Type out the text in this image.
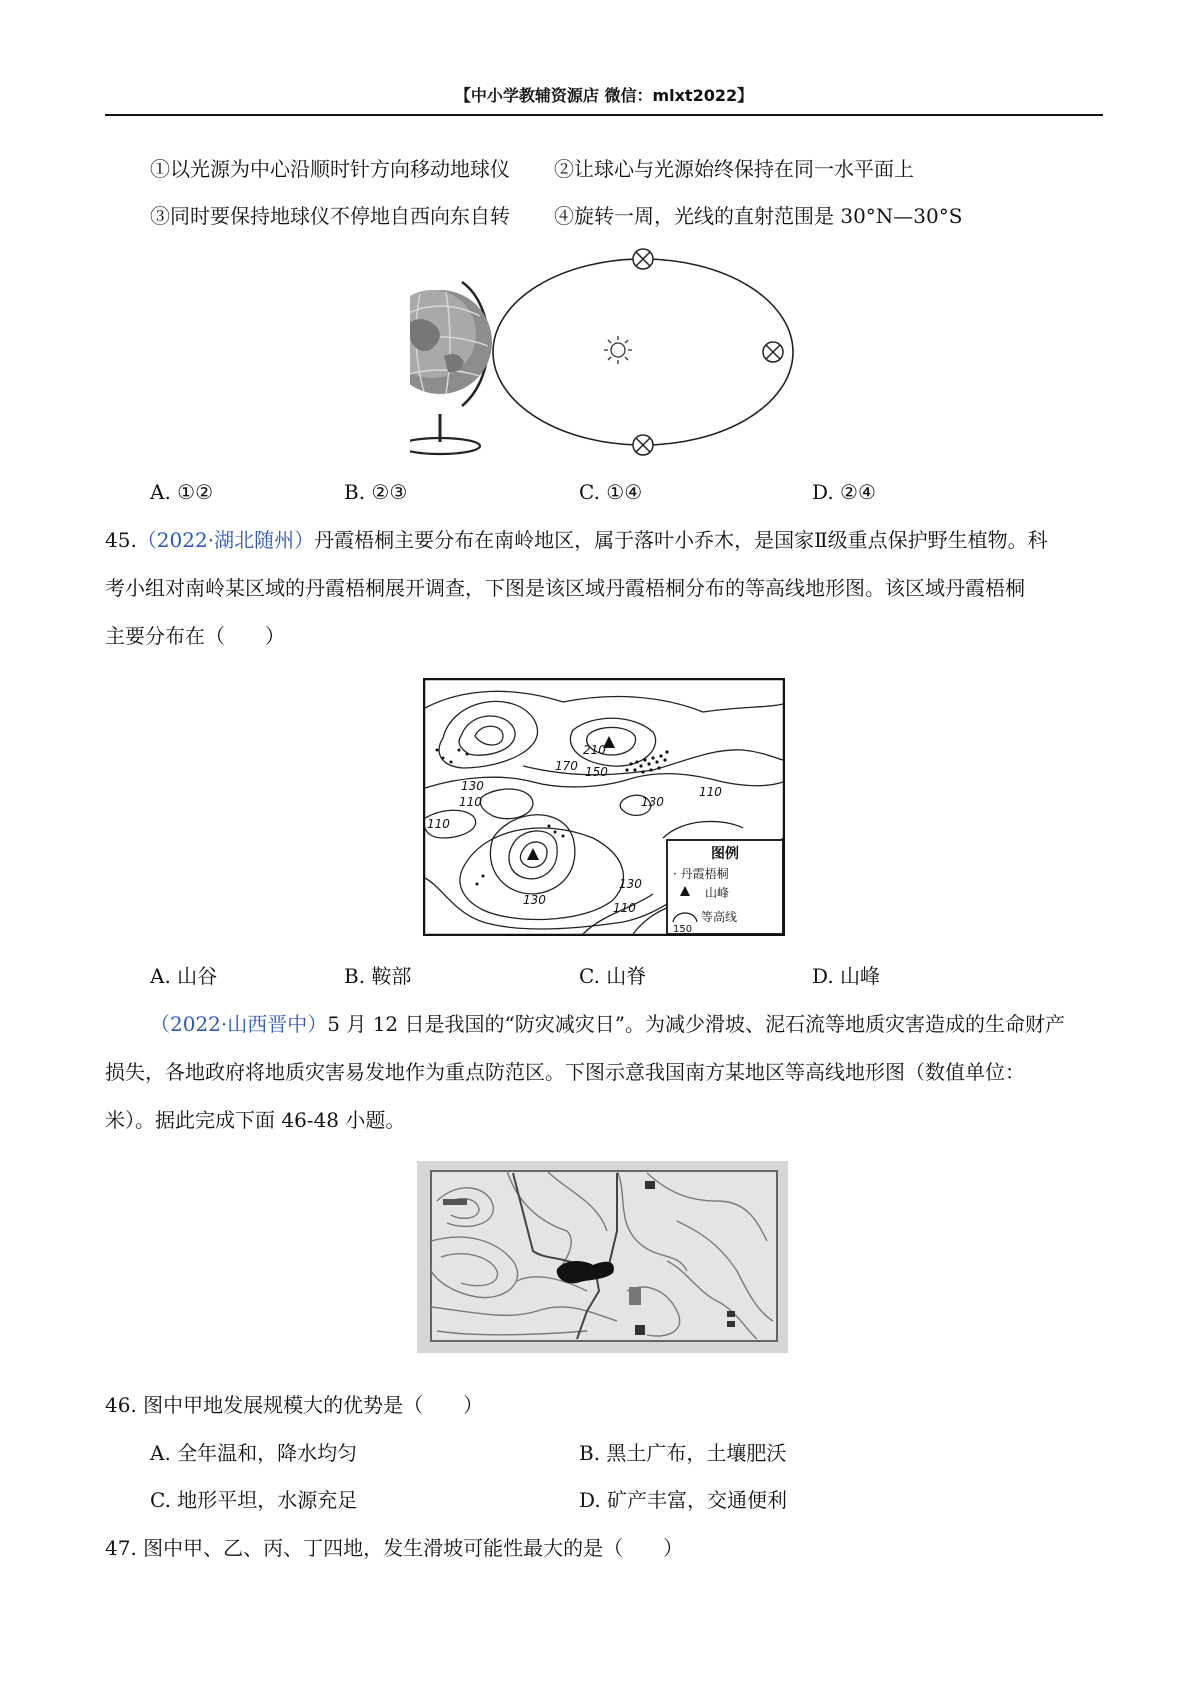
【中小学教辅资源店 微信：mlxt2022】
①以光源为中心沿顺时针方向移动地球仪 ②让球心与光源始终保持在同一水平面上
③同时要保持地球仪不停地自西向东自转 ④旋转一周，光线的直射范围是 30°N—30°S
A. ①②	B. ②③	C. ①④	D. ②④
45.（2022·湖北随州）丹霞梧桐主要分布在南岭地区，属于落叶小乔木，是国家Ⅱ级重点保护野生植物。科
考小组对南岭某区域的丹霞梧桐展开调查，下图是该区域丹霞梧桐分布的等高线地形图。该区域丹霞梧桐
主要分布在（　　）
210
170 150
130
110	130
110
110
130
130
110
图例
· 丹霞梧桐
山峰
150
等高线
A. 山谷	B. 鞍部	C. 山脊	D. 山峰
（2022·山西晋中）5 月 12 日是我国的“防灾减灾日”。为减少滑坡、泥石流等地质灾害造成的生命财产
损失，各地政府将地质灾害易发地作为重点防范区。下图示意我国南方某地区等高线地形图（数值单位：
米）。据此完成下面 46-48 小题。
46. 图中甲地发展规模大的优势是（　　）
A. 全年温和，降水均匀	B. 黑土广布，土壤肥沃
C. 地形平坦，水源充足	D. 矿产丰富，交通便利
47. 图中甲、乙、丙、丁四地，发生滑坡可能性最大的是（　　）
